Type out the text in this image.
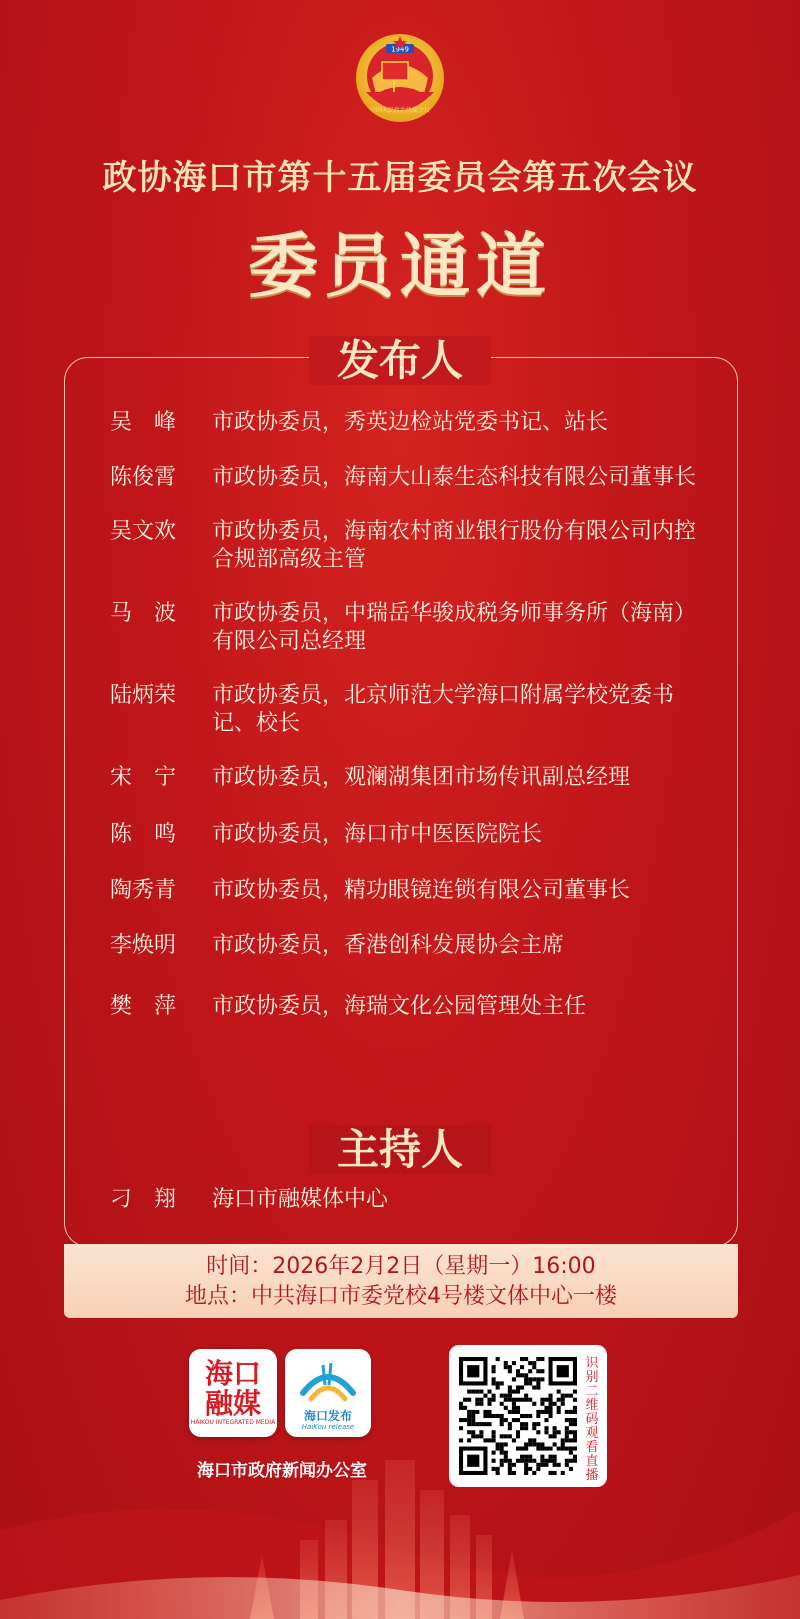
1949
中国人民政治协商会议
政协海口市第十五届委员会第五次会议
委员通道
发布人
吴　峰	市政协委员，秀英边检站党委书记、站长
陈俊霄	市政协委员，海南大山泰生态科技有限公司董事长
吴文欢	市政协委员，海南农村商业银行股份有限公司内控合规部高级主管
马　波	市政协委员，中瑞岳华骏成税务师事务所（海南）有限公司总经理
陆炳荣	市政协委员，北京师范大学海口附属学校党委书记、校长
宋　宁	市政协委员，观澜湖集团市场传讯副总经理
陈　鸣	市政协委员，海口市中医医院院长
陶秀青	市政协委员，精功眼镜连锁有限公司董事长
李焕明	市政协委员，香港创科发展协会主席
樊　萍	市政协委员，海瑞文化公园管理处主任
主持人
刁　翔	海口市融媒体中心
时间：2026年2月2日（星期一）16:00
地点：中共海口市委党校4号楼文体中心一楼
海口
融媒
HAIKOU INTEGRATED MEDIA	海口发布
HaiKou release
海口市政府新闻办公室
识别二维码观看直播
